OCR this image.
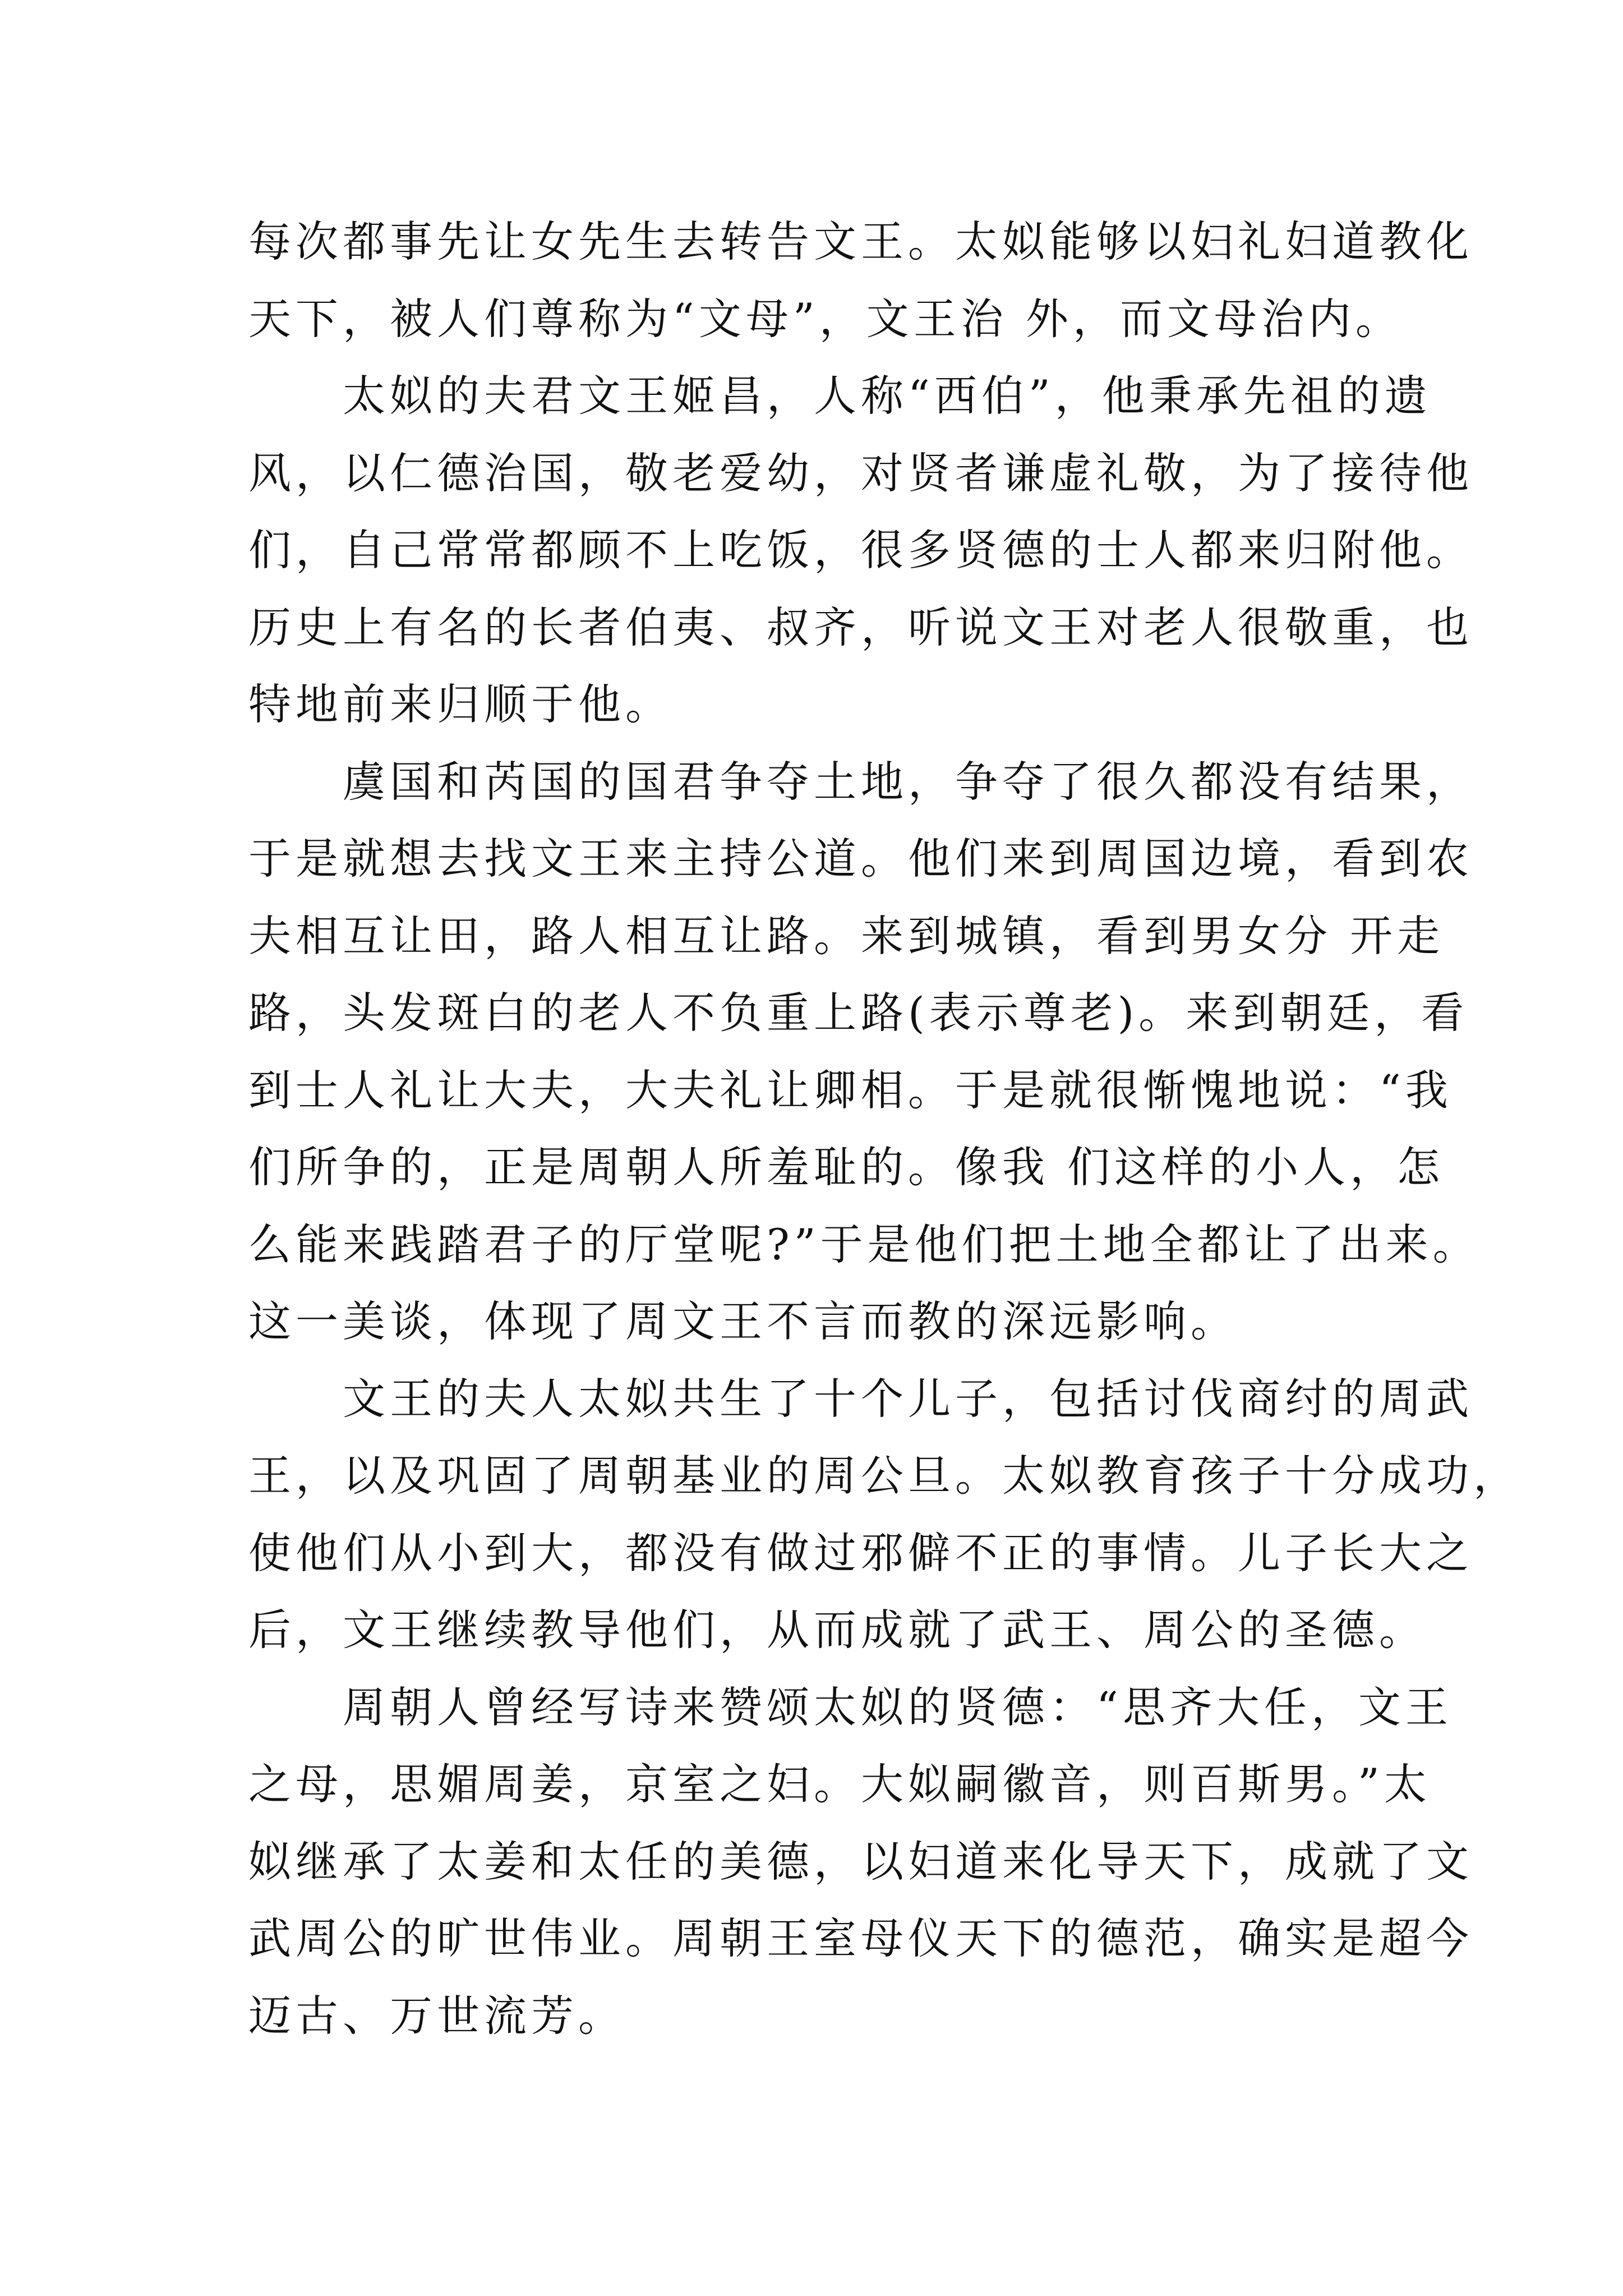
每次都事先让女先生去转告文王。太姒能够以妇礼妇道教化
天下，被人们尊称为“文母”，文王治 外，而文母治内。
太姒的夫君文王姬昌，人称“西伯”，他秉承先祖的遗
风，以仁德治国，敬老爱幼，对贤者谦虚礼敬，为了接待他
们，自己常常都顾不上吃饭，很多贤德的士人都来归附他。
历史上有名的长者伯夷、叔齐，听说文王对老人很敬重，也
特地前来归顺于他。
虞国和芮国的国君争夺土地，争夺了很久都没有结果，
于是就想去找文王来主持公道。他们来到周国边境，看到农
夫相互让田，路人相互让路。来到城镇，看到男女分 开走
路，头发斑白的老人不负重上路(表示尊老)。来到朝廷，看
到士人礼让大夫，大夫礼让卿相。于是就很惭愧地说：“我
们所争的，正是周朝人所羞耻的。像我 们这样的小人，怎
么能来践踏君子的厅堂呢?”于是他们把土地全都让了出来。
这一美谈，体现了周文王不言而教的深远影响。
文王的夫人太姒共生了十个儿子，包括讨伐商纣的周武
王，以及巩固了周朝基业的周公旦。太姒教育孩子十分成功，
使他们从小到大，都没有做过邪僻不正的事情。儿子长大之
后，文王继续教导他们，从而成就了武王、周公的圣德。
周朝人曾经写诗来赞颂太姒的贤德：“思齐大任，文王
之母，思媚周姜，京室之妇。大姒嗣徽音，则百斯男。”太
姒继承了太姜和太任的美德，以妇道来化导天下，成就了文
武周公的旷世伟业。周朝王室母仪天下的德范，确实是超今
迈古、万世流芳。
